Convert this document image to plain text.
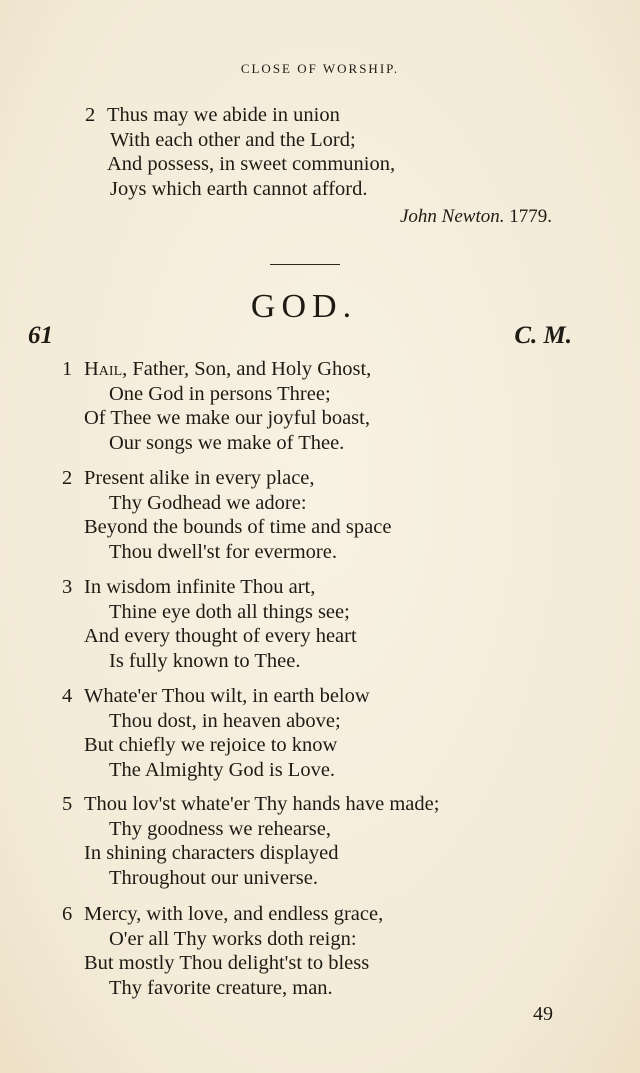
CLOSE OF WORSHIP.
2 Thus may we abide in union
With each other and the Lord;
And possess, in sweet communion,
Joys which earth cannot afford.
John Newton. 1779.
GOD.
61	C. M.
1 Hail, Father, Son, and Holy Ghost,
One God in persons Three;
Of Thee we make our joyful boast,
Our songs we make of Thee.
2 Present alike in every place,
Thy Godhead we adore:
Beyond the bounds of time and space
Thou dwell'st for evermore.
3 In wisdom infinite Thou art,
Thine eye doth all things see;
And every thought of every heart
Is fully known to Thee.
4 Whate'er Thou wilt, in earth below
Thou dost, in heaven above;
But chiefly we rejoice to know
The Almighty God is Love.
5 Thou lov'st whate'er Thy hands have made;
Thy goodness we rehearse,
In shining characters displayed
Throughout our universe.
6 Mercy, with love, and endless grace,
O'er all Thy works doth reign:
But mostly Thou delight'st to bless
Thy favorite creature, man.
49
